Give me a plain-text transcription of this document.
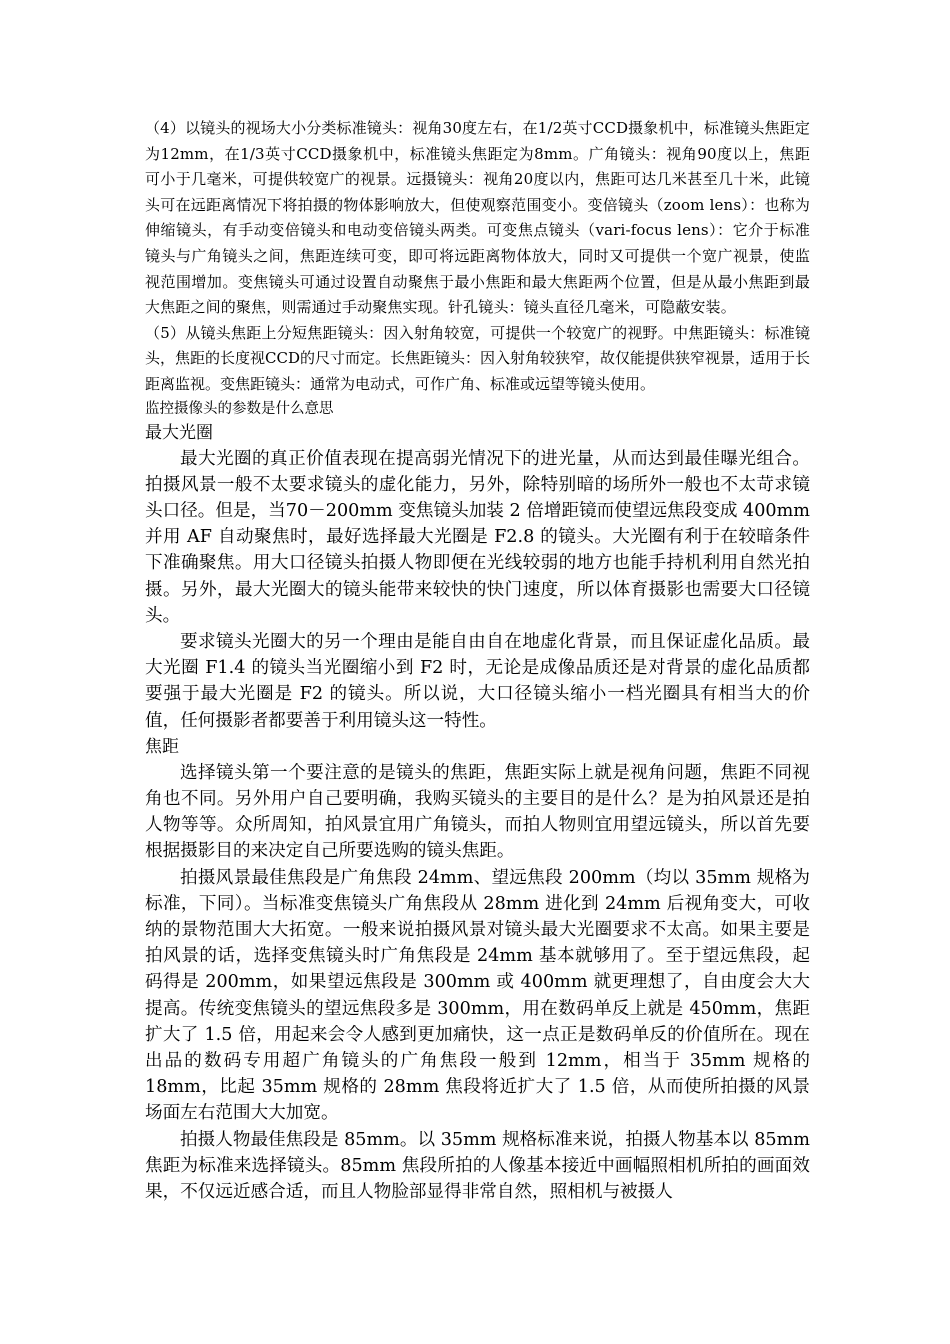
（4）以镜头的视场大小分类标准镜头：视角30度左右，在1/2英寸CCD摄象机中，标准镜头焦距定为12mm，在1/3英寸CCD摄象机中，标准镜头焦距定为8mm。广角镜头：视角90度以上，焦距可小于几毫米，可提供较宽广的视景。远摄镜头：视角20度以内，焦距可达几米甚至几十米，此镜头可在远距离情况下将拍摄的物体影响放大，但使观察范围变小。变倍镜头（zoom lens）：也称为伸缩镜头，有手动变倍镜头和电动变倍镜头两类。可变焦点镜头（vari-focus lens）：它介于标准镜头与广角镜头之间，焦距连续可变，即可将远距离物体放大，同时又可提供一个宽广视景，使监视范围增加。变焦镜头可通过设置自动聚焦于最小焦距和最大焦距两个位置，但是从最小焦距到最大焦距之间的聚焦，则需通过手动聚焦实现。针孔镜头：镜头直径几毫米，可隐蔽安装。

（5）从镜头焦距上分短焦距镜头：因入射角较宽，可提供一个较宽广的视野。中焦距镜头：标准镜头，焦距的长度视CCD的尺寸而定。长焦距镜头：因入射角较狭窄，故仅能提供狭窄视景，适用于长距离监视。变焦距镜头：通常为电动式，可作广角、标准或远望等镜头使用。

监控摄像头的参数是什么意思

最大光圈

最大光圈的真正价值表现在提高弱光情况下的进光量，从而达到最佳曝光组合。拍摄风景一般不太要求镜头的虚化能力，另外，除特别暗的场所外一般也不太苛求镜头口径。但是，当70－200mm 变焦镜头加装 2 倍增距镜而使望远焦段变成 400mm 并用 AF 自动聚焦时，最好选择最大光圈是 F2.8 的镜头。大光圈有利于在较暗条件下准确聚焦。用大口径镜头拍摄人物即便在光线较弱的地方也能手持机利用自然光拍摄。另外，最大光圈大的镜头能带来较快的快门速度，所以体育摄影也需要大口径镜头。

要求镜头光圈大的另一个理由是能自由自在地虚化背景，而且保证虚化品质。最大光圈 F1.4 的镜头当光圈缩小到 F2 时，无论是成像品质还是对背景的虚化品质都要强于最大光圈是 F2 的镜头。所以说，大口径镜头缩小一档光圈具有相当大的价值，任何摄影者都要善于利用镜头这一特性。

焦距

选择镜头第一个要注意的是镜头的焦距，焦距实际上就是视角问题，焦距不同视角也不同。另外用户自己要明确，我购买镜头的主要目的是什么？是为拍风景还是拍人物等等。众所周知，拍风景宜用广角镜头，而拍人物则宜用望远镜头，所以首先要根据摄影目的来决定自己所要选购的镜头焦距。

拍摄风景最佳焦段是广角焦段 24mm、望远焦段 200mm（均以 35mm 规格为标准，下同）。当标准变焦镜头广角焦段从 28mm 进化到 24mm 后视角变大，可收纳的景物范围大大拓宽。一般来说拍摄风景对镜头最大光圈要求不太高。如果主要是拍风景的话，选择变焦镜头时广角焦段是 24mm 基本就够用了。至于望远焦段，起码得是 200mm，如果望远焦段是 300mm 或 400mm 就更理想了，自由度会大大提高。传统变焦镜头的望远焦段多是 300mm，用在数码单反上就是 450mm，焦距扩大了 1.5 倍，用起来会令人感到更加痛快，这一点正是数码单反的价值所在。现在出品的数码专用超广角镜头的广角焦段一般到 12mm，相当于 35mm 规格的 18mm，比起 35mm 规格的 28mm 焦段将近扩大了 1.5 倍，从而使所拍摄的风景场面左右范围大大加宽。

拍摄人物最佳焦段是 85mm。以 35mm 规格标准来说，拍摄人物基本以 85mm 焦距为标准来选择镜头。85mm 焦段所拍的人像基本接近中画幅照相机所拍的画面效果，不仅远近感合适，而且人物脸部显得非常自然，照相机与被摄人
